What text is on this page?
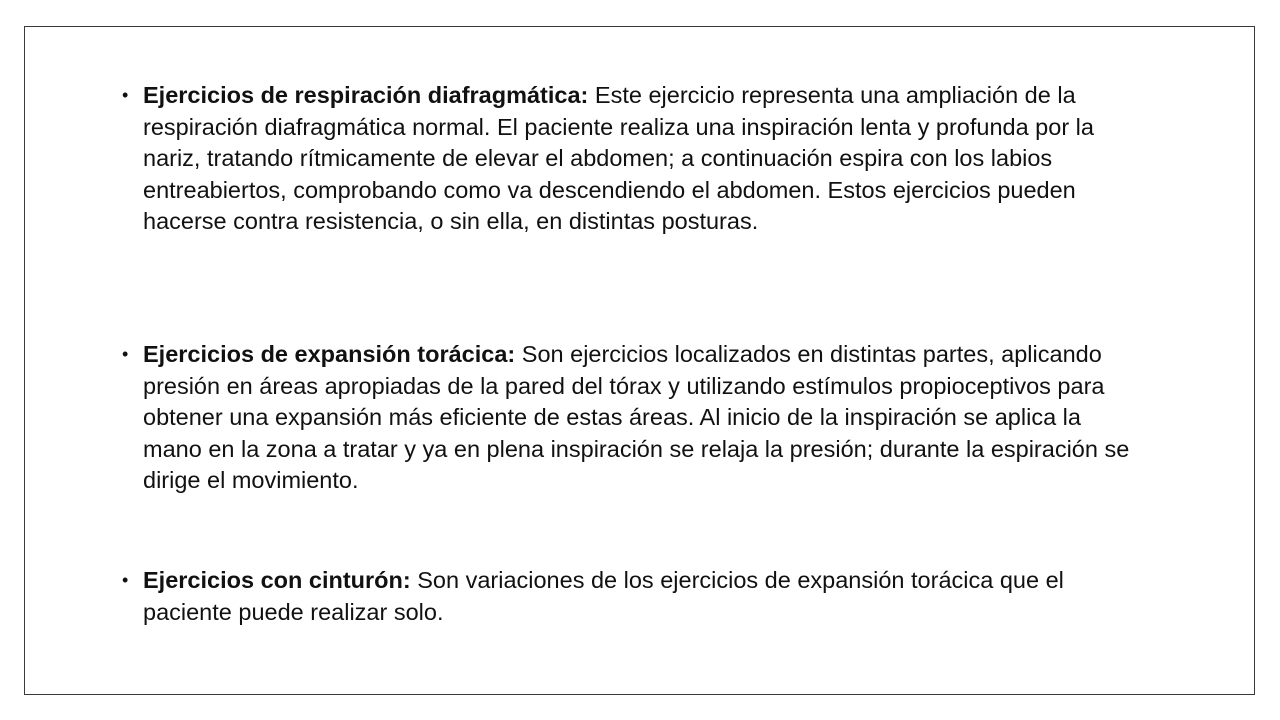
• Ejercicios de respiración diafragmática: Este ejercicio representa una ampliación de la respiración diafragmática normal. El paciente realiza una inspiración lenta y profunda por la nariz, tratando rítmicamente de elevar el abdomen; a continuación espira con los labios entreabiertos, comprobando como va descendiendo el abdomen. Estos ejercicios pueden hacerse contra resistencia, o sin ella, en distintas posturas.
• Ejercicios de expansión torácica: Son ejercicios localizados en distintas partes, aplicando presión en áreas apropiadas de la pared del tórax y utilizando estímulos propioceptivos para obtener una expansión más eficiente de estas áreas. Al inicio de la inspiración se aplica la mano en la zona a tratar y ya en plena inspiración se relaja la presión; durante la espiración se dirige el movimiento.
• Ejercicios con cinturón: Son variaciones de los ejercicios de expansión torácica que el paciente puede realizar solo.
